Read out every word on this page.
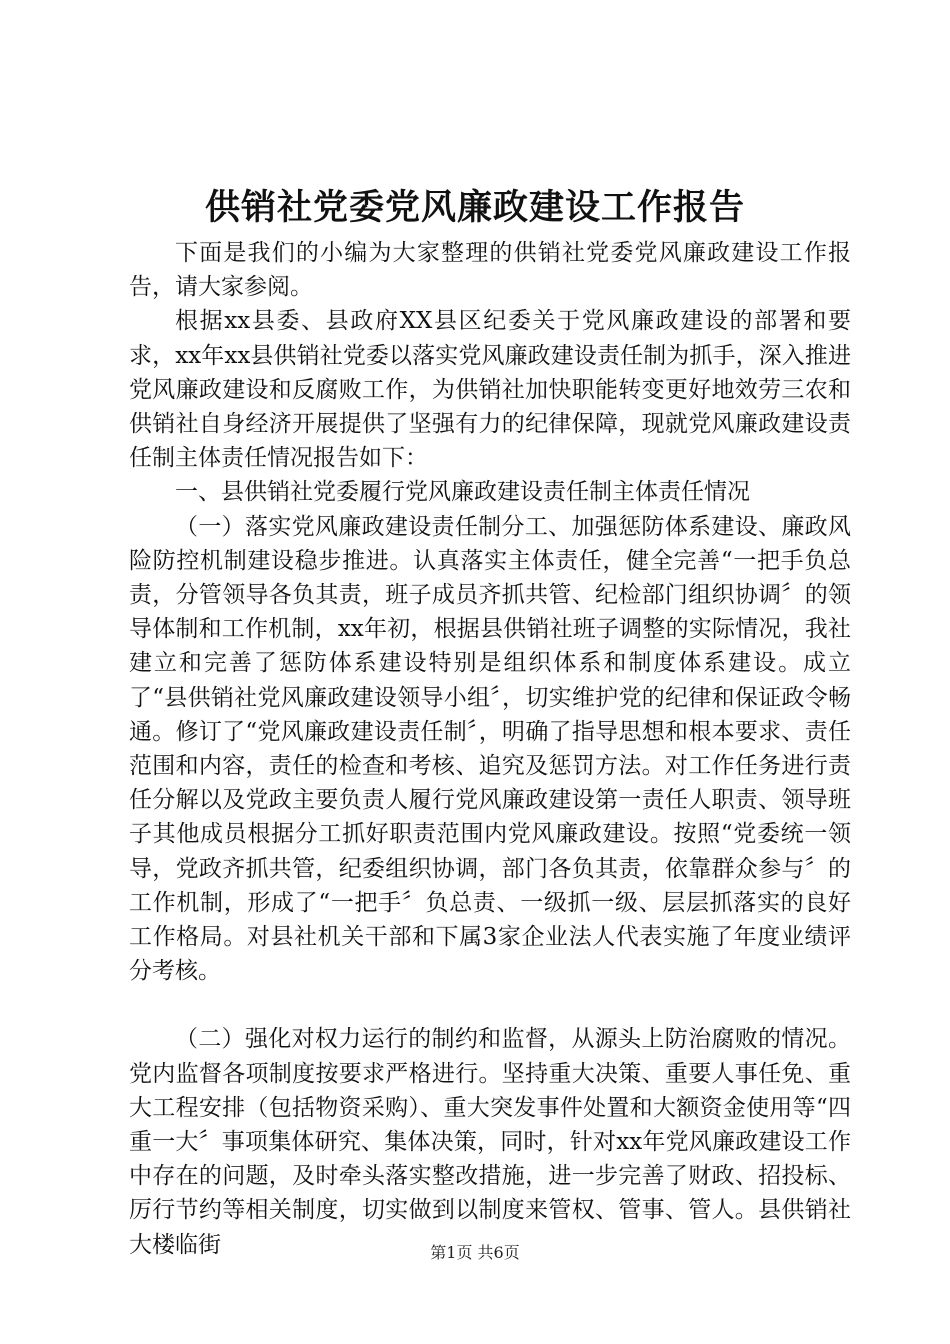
供销社党委党风廉政建设工作报告

下面是我们的小编为大家整理的供销社党委党风廉政建设工作报告，请大家参阅。

根据xx县委、县政府XX县区纪委关于党风廉政建设的部署和要求，xx年xx县供销社党委以落实党风廉政建设责任制为抓手，深入推进党风廉政建设和反腐败工作，为供销社加快职能转变更好地效劳三农和供销社自身经济开展提供了坚强有力的纪律保障，现就党风廉政建设责任制主体责任情况报告如下：

一、县供销社党委履行党风廉政建设责任制主体责任情况

（一）落实党风廉政建设责任制分工、加强惩防体系建设、廉政风险防控机制建设稳步推进。认真落实主体责任，健全完善“一把手负总责，分管领导各负其责，班子成员齐抓共管、纪检部门组织协调〞的领导体制和工作机制，xx年初，根据县供销社班子调整的实际情况，我社建立和完善了惩防体系建设特别是组织体系和制度体系建设。成立了“县供销社党风廉政建设领导小组〞，切实维护党的纪律和保证政令畅通。修订了“党风廉政建设责任制〞，明确了指导思想和根本要求、责任范围和内容，责任的检查和考核、追究及惩罚方法。对工作任务进行责任分解以及党政主要负责人履行党风廉政建设第一责任人职责、领导班子其他成员根据分工抓好职责范围内党风廉政建设。按照“党委统一领导，党政齐抓共管，纪委组织协调，部门各负其责，依靠群众参与〞的工作机制，形成了“一把手〞负总责、一级抓一级、层层抓落实的良好工作格局。对县社机关干部和下属3家企业法人代表实施了年度业绩评分考核。

（二）强化对权力运行的制约和监督，从源头上防治腐败的情况。党内监督各项制度按要求严格进行。坚持重大决策、重要人事任免、重大工程安排（包括物资采购）、重大突发事件处置和大额资金使用等“四重一大〞事项集体研究、集体决策，同时，针对xx年党风廉政建设工作中存在的问题，及时牵头落实整改措施，进一步完善了财政、招投标、厉行节约等相关制度，切实做到以制度来管权、管事、管人。县供销社大楼临街	第1页 共6页
